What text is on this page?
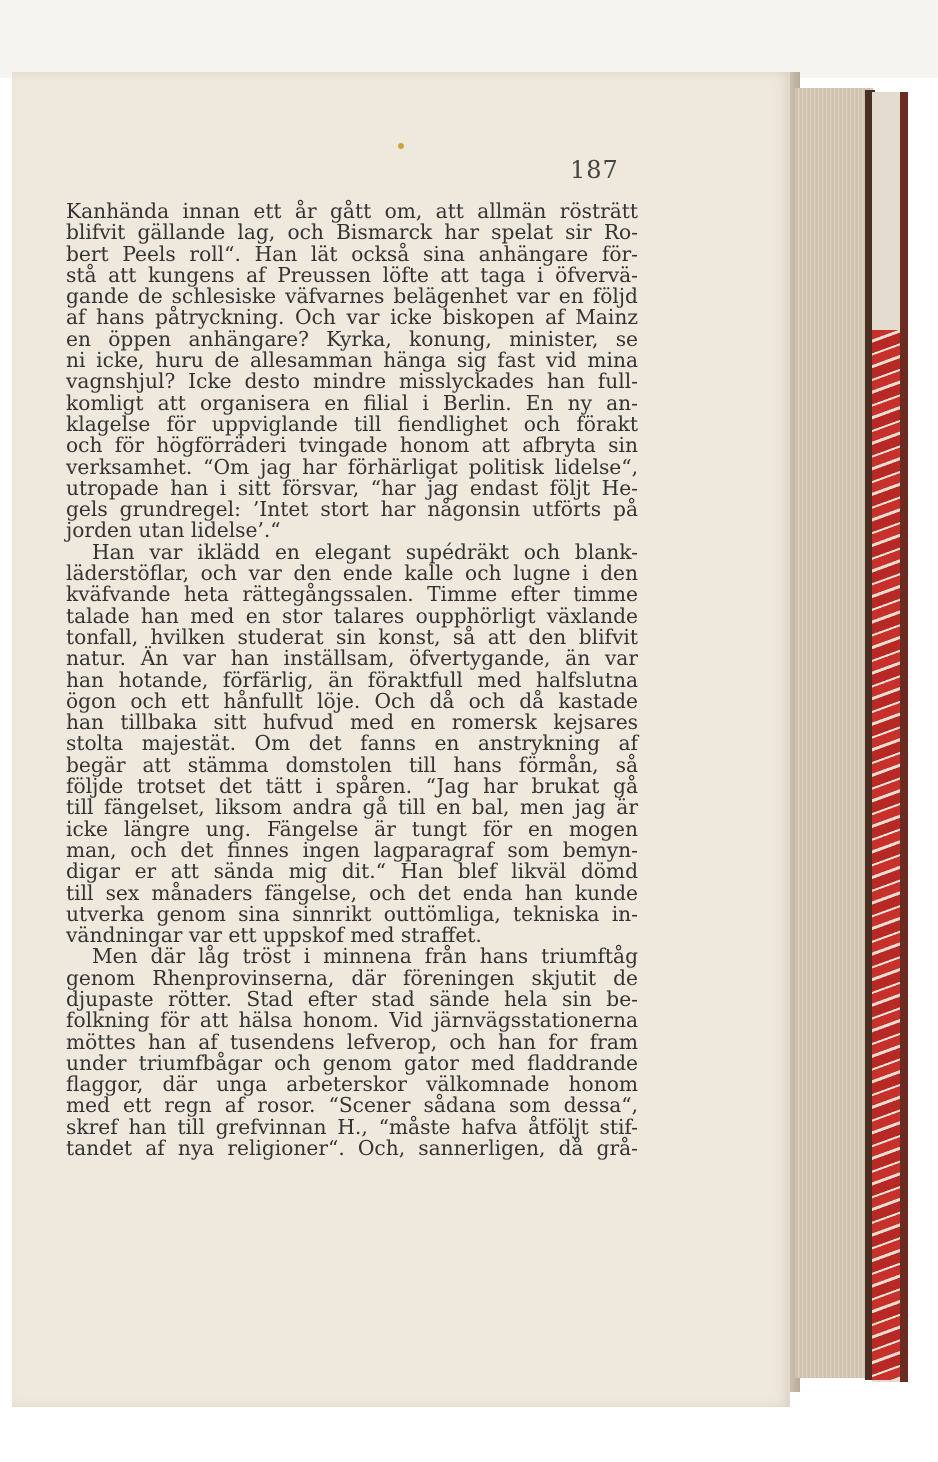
187
Kanhända innan ett år gått om, att allmän rösträtt
blifvit gällande lag, och Bismarck har spelat sir Ro-
bert Peels roll“. Han lät också sina anhängare för-
stå att kungens af Preussen löfte att taga i öfvervä-
gande de schlesiske väfvarnes belägenhet var en följd
af hans påtryckning. Och var icke biskopen af Mainz
en öppen anhängare? Kyrka, konung, minister, se
ni icke, huru de allesamman hänga sig fast vid mina
vagnshjul? Icke desto mindre misslyckades han full-
komligt att organisera en filial i Berlin. En ny an-
klagelse för uppviglande till fiendlighet och förakt
och för högförräderi tvingade honom att afbryta sin
verksamhet. “Om jag har förhärligat politisk lidelse“,
utropade han i sitt försvar, “har jag endast följt He-
gels grundregel: ’Intet stort har någonsin utförts på
jorden utan lidelse’.“
Han var iklädd en elegant supédräkt och blank-
läderstöflar, och var den ende kalle och lugne i den
kväfvande heta rättegångssalen. Timme efter timme
talade han med en stor talares oupphörligt växlande
tonfall, hvilken studerat sin konst, så att den blifvit
natur. Än var han inställsam, öfvertygande, än var
han hotande, förfärlig, än föraktfull med halfslutna
ögon och ett hånfullt löje. Och då och då kastade
han tillbaka sitt hufvud med en romersk kejsares
stolta majestät. Om det fanns en anstrykning af
begär att stämma domstolen till hans förmån, så
följde trotset det tätt i spåren. “Jag har brukat gå
till fängelset, liksom andra gå till en bal, men jag är
icke längre ung. Fängelse är tungt för en mogen
man, och det finnes ingen lagparagraf som bemyn-
digar er att sända mig dit.“ Han blef likväl dömd
till sex månaders fängelse, och det enda han kunde
utverka genom sina sinnrikt outtömliga, tekniska in-
vändningar var ett uppskof med straffet.
Men där låg tröst i minnena från hans triumftåg
genom Rhenprovinserna, där föreningen skjutit de
djupaste rötter. Stad efter stad sände hela sin be-
folkning för att hälsa honom. Vid järnvägsstationerna
möttes han af tusendens lefverop, och han for fram
under triumfbågar och genom gator med fladdrande
flaggor, där unga arbeterskor välkomnade honom
med ett regn af rosor. “Scener sådana som dessa“,
skref han till grefvinnan H., “måste hafva åtföljt stif-
tandet af nya religioner“. Och, sannerligen, då grå-
